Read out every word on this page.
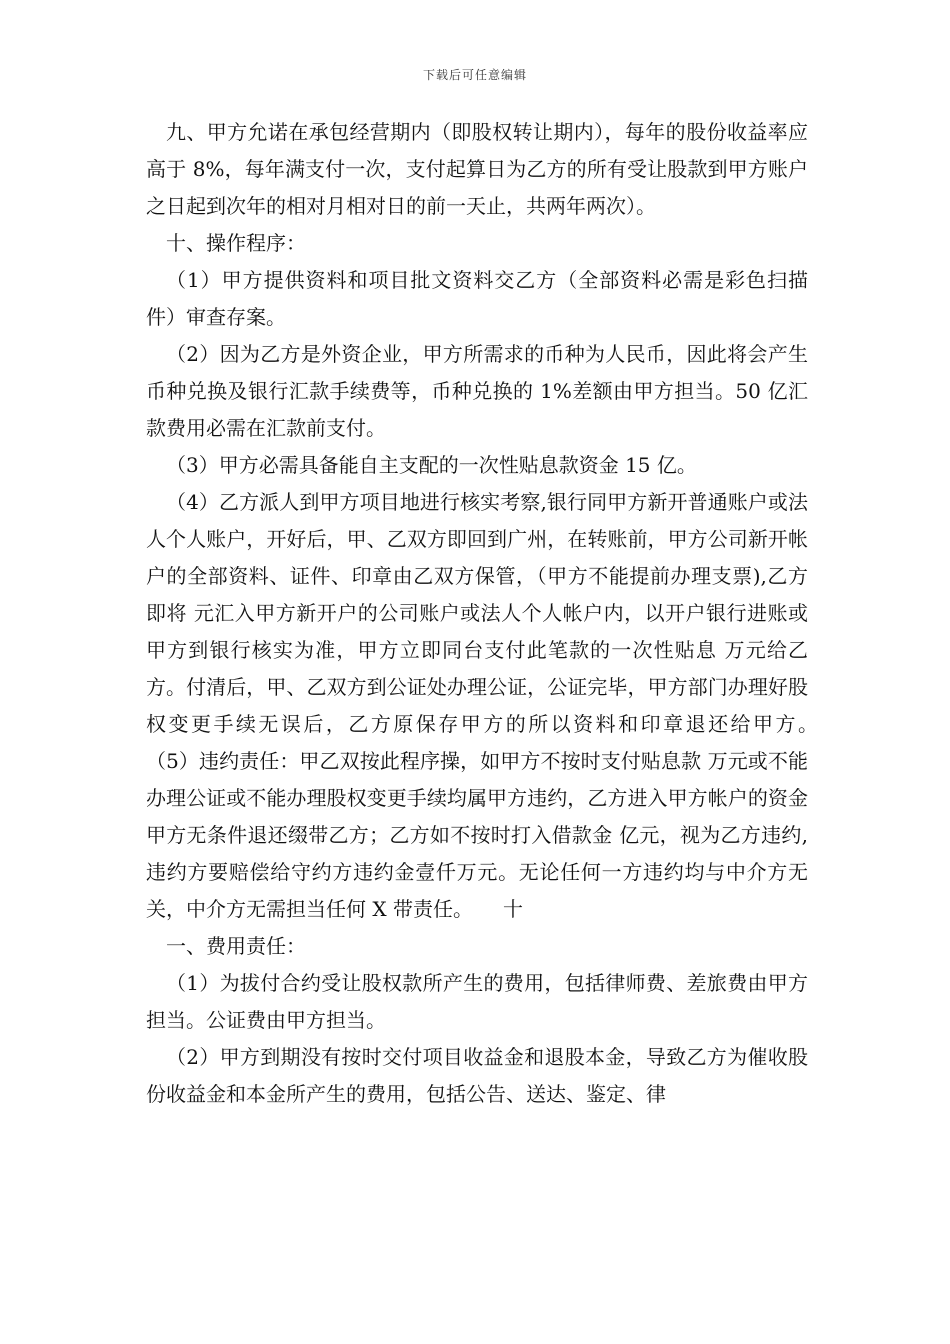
下载后可任意编辑

九、甲方允诺在承包经营期内（即股权转让期内），每年的股份收益率应高于 8%，每年满支付一次，支付起算日为乙方的所有受让股款到甲方账户之日起到次年的相对月相对日的前一天止，共两年两次）。

十、操作程序：

（1）甲方提供资料和项目批文资料交乙方（全部资料必需是彩色扫描件）审查存案。

（2）因为乙方是外资企业，甲方所需求的币种为人民币，因此将会产生币种兑换及银行汇款手续费等，币种兑换的 1%差额由甲方担当。50 亿汇款费用必需在汇款前支付。

（3）甲方必需具备能自主支配的一次性贴息款资金 15 亿。

（4）乙方派人到甲方项目地进行核实考察,银行同甲方新开普通账户或法人个人账户，开好后，甲、乙双方即回到广州，在转账前，甲方公司新开帐户的全部资料、证件、印章由乙双方保管，（甲方不能提前办理支票),乙方即将 元汇入甲方新开户的公司账户或法人个人帐户内，以开户银行进账或甲方到银行核实为准，甲方立即同台支付此笔款的一次性贴息 万元给乙方。付清后，甲、乙双方到公证处办理公证，公证完毕，甲方部门办理好股权变更手续无误后，乙方原保存甲方的所以资料和印章退还给甲方。　　　（5）违约责任：甲乙双按此程序操，如甲方不按时支付贴息款 万元或不能办理公证或不能办理股权变更手续均属甲方违约，乙方进入甲方帐户的资金甲方无条件退还缀带乙方；乙方如不按时打入借款金 亿元，视为乙方违约,违约方要赔偿给守约方违约金壹仟万元。无论任何一方违约均与中介方无关，中介方无需担当任何 X 带责任。　　十

一、费用责任：

（1）为拔付合约受让股权款所产生的费用，包括律师费、差旅费由甲方担当。公证费由甲方担当。

（2）甲方到期没有按时交付项目收益金和退股本金，导致乙方为催收股份收益金和本金所产生的费用，包括公告、送达、鉴定、律
